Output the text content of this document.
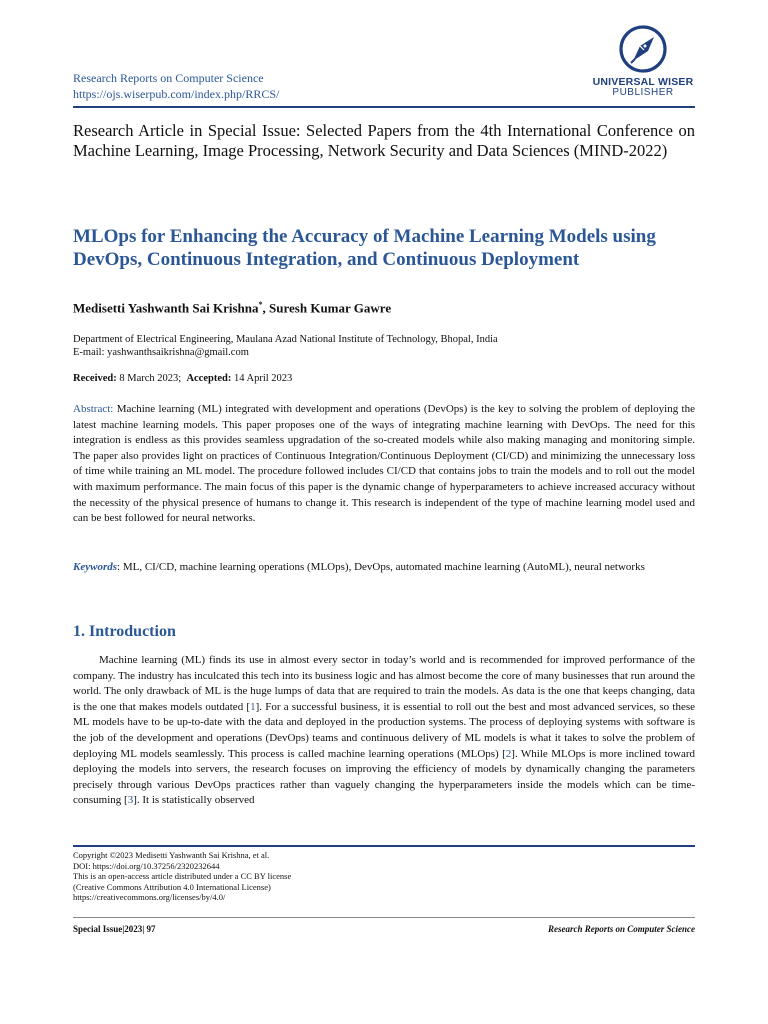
Research Reports on Computer Science
https://ojs.wiserpub.com/index.php/RRCS/
UNIVERSAL WISER
PUBLISHER
Research Article in Special Issue: Selected Papers from the 4th International Conference on Machine Learning, Image Processing, Network Security and Data Sciences (MIND-2022)
MLOps for Enhancing the Accuracy of Machine Learning Models using DevOps, Continuous Integration, and Continuous Deployment
Medisetti Yashwanth Sai Krishna*, Suresh Kumar Gawre
Department of Electrical Engineering, Maulana Azad National Institute of Technology, Bhopal, India
E-mail: yashwanthsaikrishna@gmail.com
Received: 8 March 2023; Accepted: 14 April 2023
Abstract: Machine learning (ML) integrated with development and operations (DevOps) is the key to solving the problem of deploying the latest machine learning models. This paper proposes one of the ways of integrating machine learning with DevOps. The need for this integration is endless as this provides seamless upgradation of the so-created models while also making managing and monitoring simple. The paper also provides light on practices of Continuous Integration/Continuous Deployment (CI/CD) and minimizing the unnecessary loss of time while training an ML model. The procedure followed includes CI/CD that contains jobs to train the models and to roll out the model with maximum performance. The main focus of this paper is the dynamic change of hyperparameters to achieve increased accuracy without the necessity of the physical presence of humans to change it. This research is independent of the type of machine learning model used and can be best followed for neural networks.
Keywords: ML, CI/CD, machine learning operations (MLOps), DevOps, automated machine learning (AutoML), neural networks
1. Introduction
Machine learning (ML) finds its use in almost every sector in today’s world and is recommended for improved performance of the company. The industry has inculcated this tech into its business logic and has almost become the core of many businesses that run around the world. The only drawback of ML is the huge lumps of data that are required to train the models. As data is the one that keeps changing, data is the one that makes models outdated [1]. For a successful business, it is essential to roll out the best and most advanced services, so these ML models have to be up-to-date with the data and deployed in the production systems. The process of deploying systems with software is the job of the development and operations (DevOps) teams and continuous delivery of ML models is what it takes to solve the problem of deploying ML models seamlessly. This process is called machine learning operations (MLOps) [2]. While MLOps is more inclined toward deploying the models into servers, the research focuses on improving the efficiency of models by dynamically changing the parameters precisely through various DevOps practices rather than vaguely changing the hyperparameters inside the models which can be time-consuming [3]. It is statistically observed
Copyright ©2023 Medisetti Yashwanth Sai Krishna, et al.
DOI: https://doi.org/10.37256/2320232644
This is an open-access article distributed under a CC BY license
(Creative Commons Attribution 4.0 International License)
https://creativecommons.org/licenses/by/4.0/
Special Issue|2023| 97	Research Reports on Computer Science
